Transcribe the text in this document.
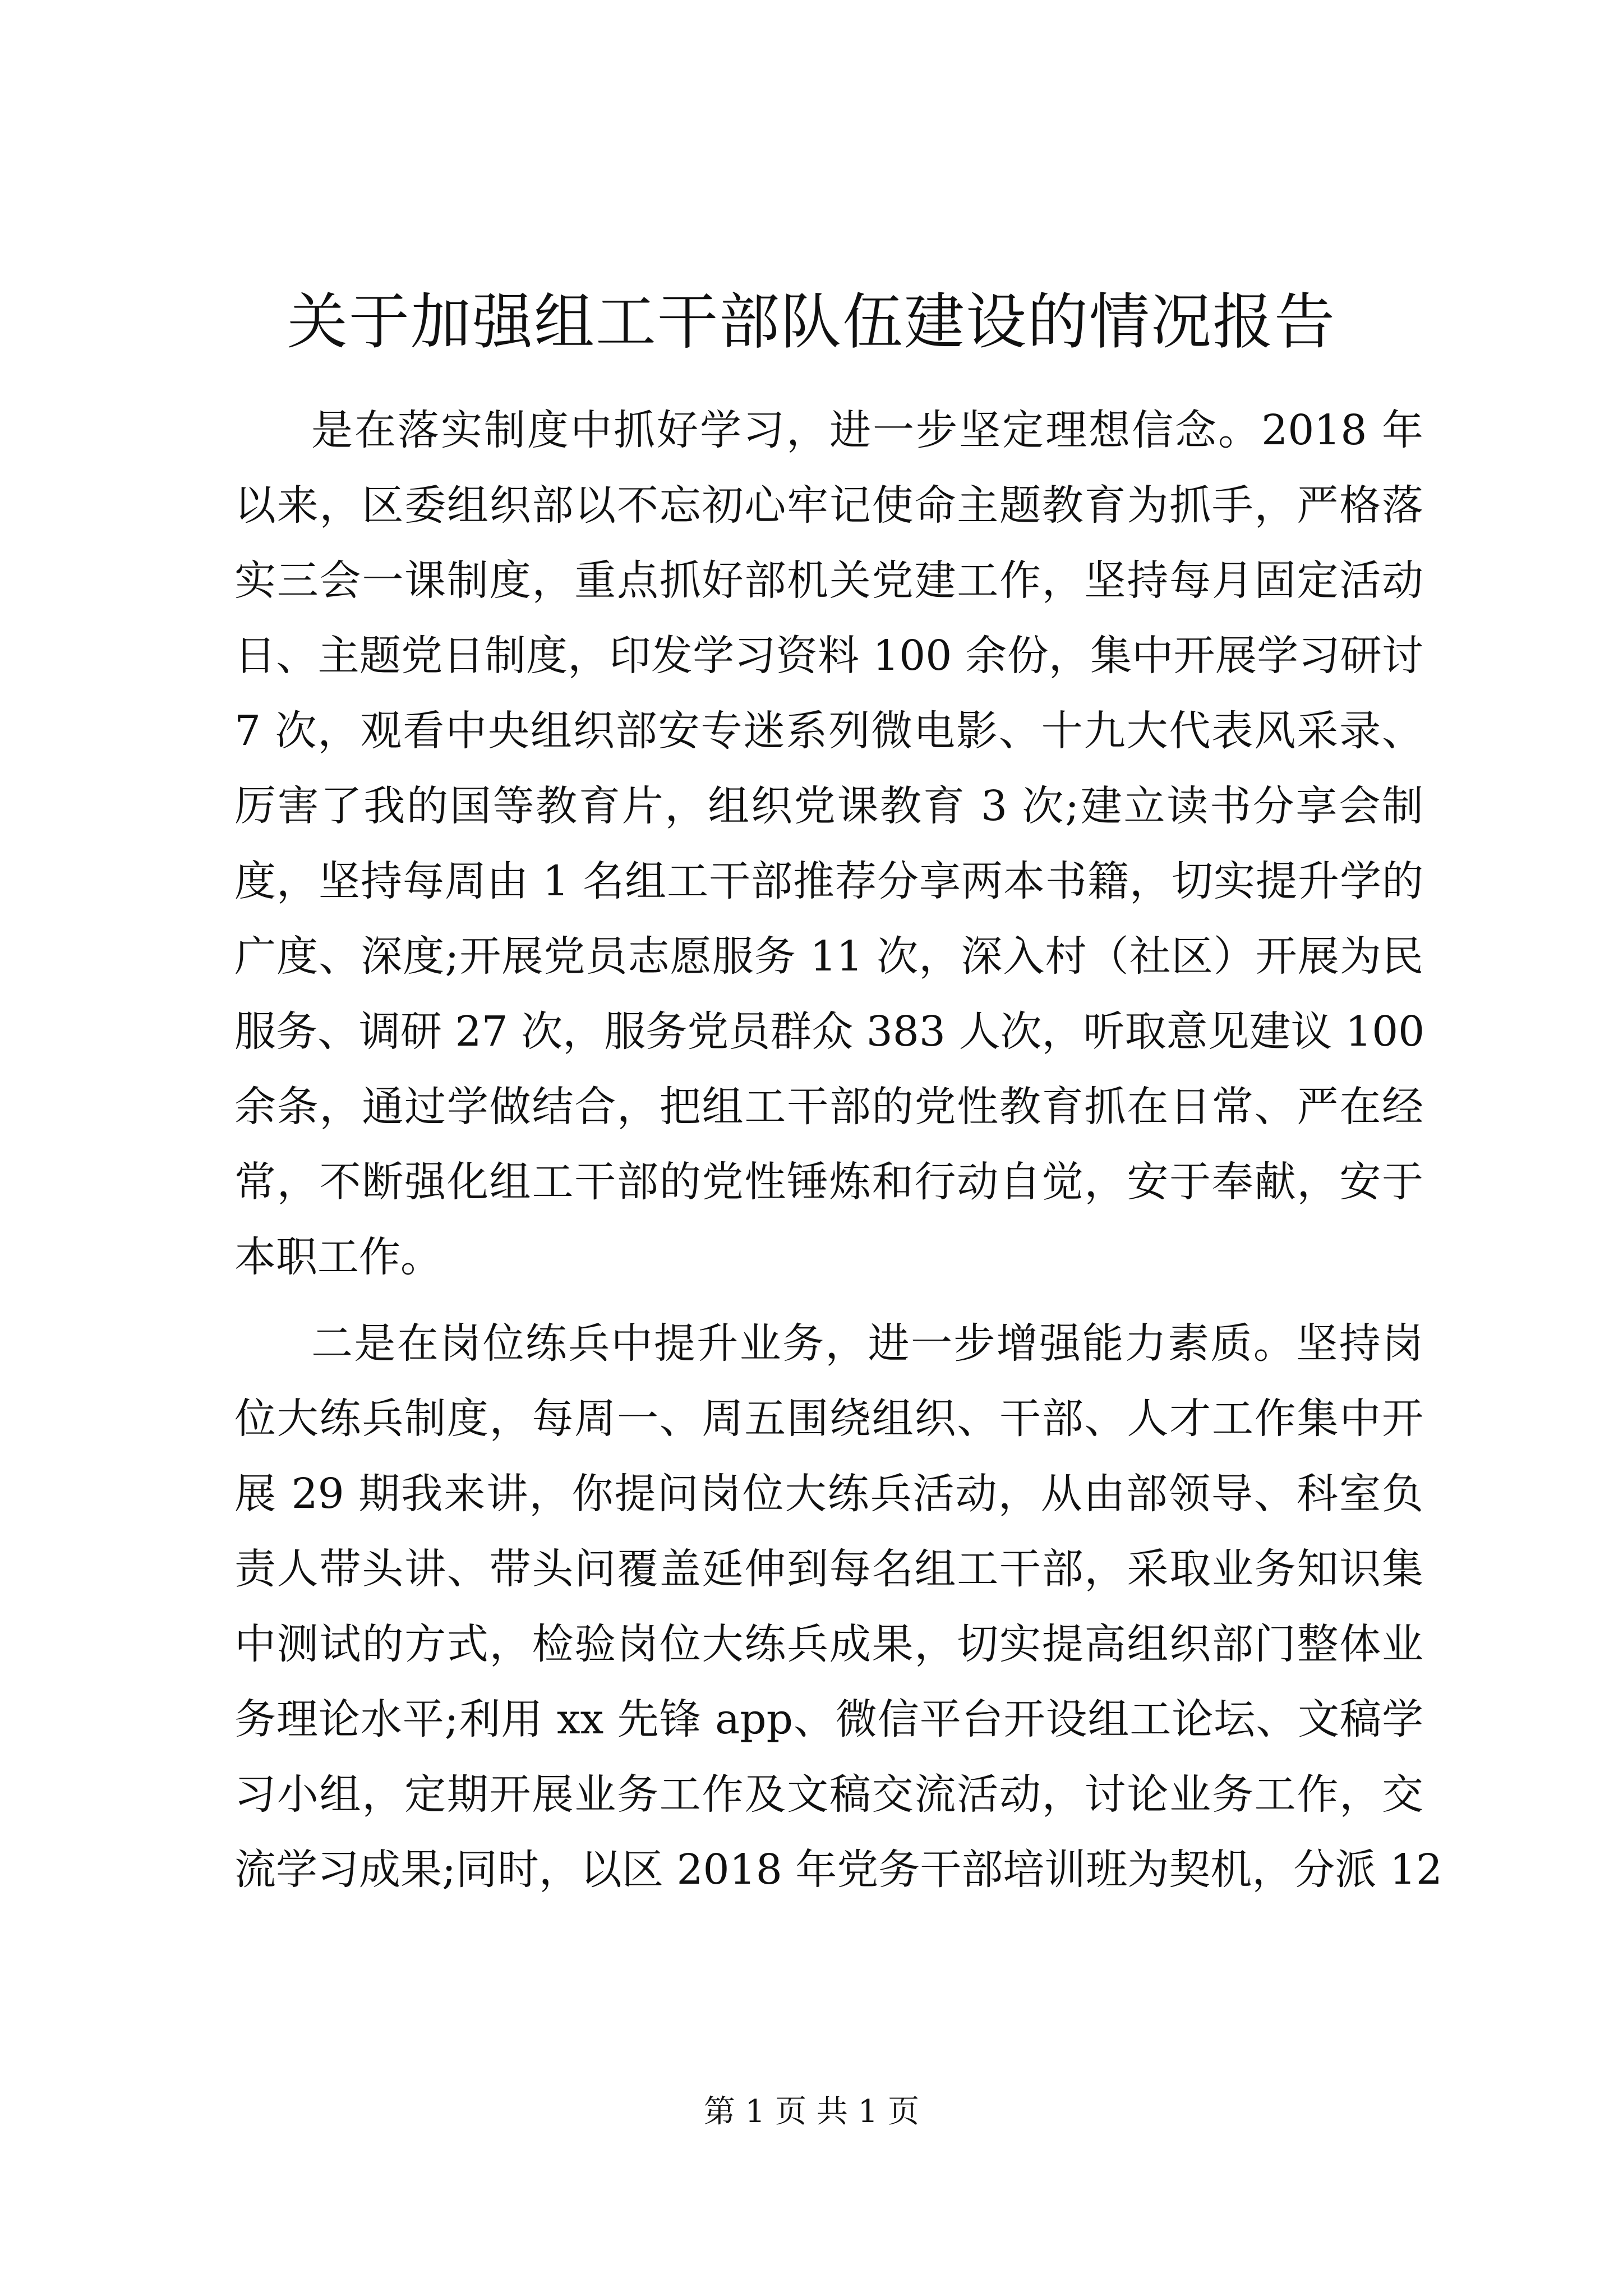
关于加强组工干部队伍建设的情况报告
是在落实制度中抓好学习，进一步坚定理想信念。2018 年
以来，区委组织部以不忘初心牢记使命主题教育为抓手，严格落
实三会一课制度，重点抓好部机关党建工作，坚持每月固定活动
日、主题党日制度，印发学习资料 100 余份，集中开展学习研讨
7 次，观看中央组织部安专迷系列微电影、十九大代表风采录、
厉害了我的国等教育片，组织党课教育 3 次;建立读书分享会制
度，坚持每周由 1 名组工干部推荐分享两本书籍，切实提升学的
广度、深度;开展党员志愿服务 11 次，深入村（社区）开展为民
服务、调研 27 次，服务党员群众 383 人次，听取意见建议 100
余条，通过学做结合，把组工干部的党性教育抓在日常、严在经
常，不断强化组工干部的党性锤炼和行动自觉，安于奉献，安于
本职工作。
二是在岗位练兵中提升业务，进一步增强能力素质。坚持岗
位大练兵制度，每周一、周五围绕组织、干部、人才工作集中开
展 29 期我来讲，你提问岗位大练兵活动，从由部领导、科室负
责人带头讲、带头问覆盖延伸到每名组工干部，采取业务知识集
中测试的方式，检验岗位大练兵成果，切实提高组织部门整体业
务理论水平;利用 xx 先锋 app、微信平台开设组工论坛、文稿学
习小组，定期开展业务工作及文稿交流活动，讨论业务工作，交
流学习成果;同时，以区 2018 年党务干部培训班为契机，分派 12
第 1 页 共 1 页
